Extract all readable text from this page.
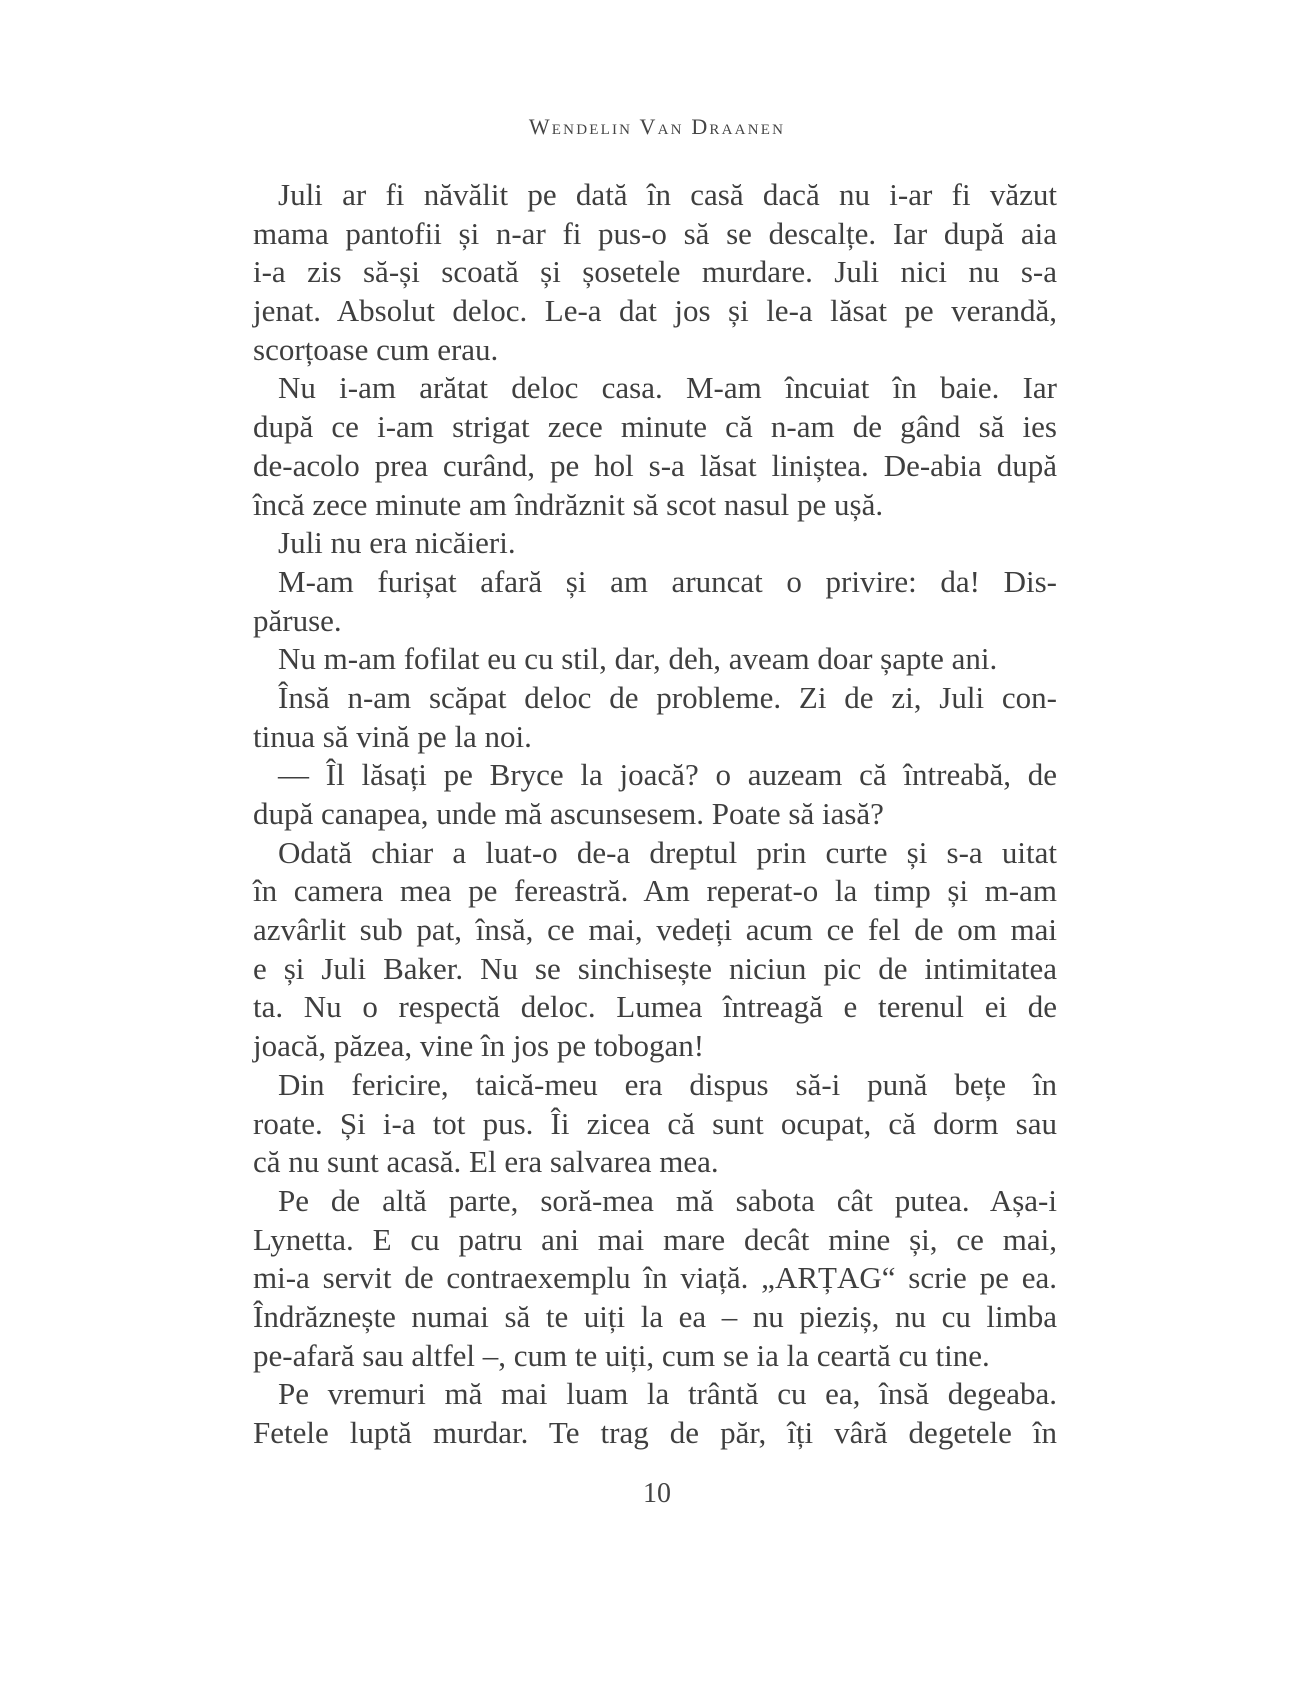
Wendelin Van Draanen
Juli ar fi năvălit pe dată în casă dacă nu i-ar fi văzut
mama pantofii și n-ar fi pus-o să se descalțe. Iar după aia
i-a zis să-și scoată și șosetele murdare. Juli nici nu s-a
jenat. Absolut deloc. Le-a dat jos și le-a lăsat pe verandă,
scorțoase cum erau.
Nu i-am arătat deloc casa. M-am încuiat în baie. Iar
după ce i-am strigat zece minute că n-am de gând să ies
de-acolo prea curând, pe hol s-a lăsat liniștea. De-abia după
încă zece minute am îndrăznit să scot nasul pe ușă.
Juli nu era nicăieri.
M-am furișat afară și am aruncat o privire: da! Dis-
păruse.
Nu m-am fofilat eu cu stil, dar, deh, aveam doar șapte ani.
Însă n-am scăpat deloc de probleme. Zi de zi, Juli con-
tinua să vină pe la noi.
— Îl lăsați pe Bryce la joacă? o auzeam că întreabă, de
după canapea, unde mă ascunsesem. Poate să iasă?
Odată chiar a luat-o de-a dreptul prin curte și s-a uitat
în camera mea pe fereastră. Am reperat-o la timp și m-am
azvârlit sub pat, însă, ce mai, vedeți acum ce fel de om mai
e și Juli Baker. Nu se sinchisește niciun pic de intimitatea
ta. Nu o respectă deloc. Lumea întreagă e terenul ei de
joacă, păzea, vine în jos pe tobogan!
Din fericire, taică-meu era dispus să-i pună bețe în
roate. Și i-a tot pus. Îi zicea că sunt ocupat, că dorm sau
că nu sunt acasă. El era salvarea mea.
Pe de altă parte, soră-mea mă sabota cât putea. Așa-i
Lynetta. E cu patru ani mai mare decât mine și, ce mai,
mi-a servit de contraexemplu în viață. „ARȚAG“ scrie pe ea.
Îndrăznește numai să te uiți la ea – nu pieziș, nu cu limba
pe-afară sau altfel –, cum te uiți, cum se ia la ceartă cu tine.
Pe vremuri mă mai luam la trântă cu ea, însă degeaba.
Fetele luptă murdar. Te trag de păr, îți vâră degetele în
10
